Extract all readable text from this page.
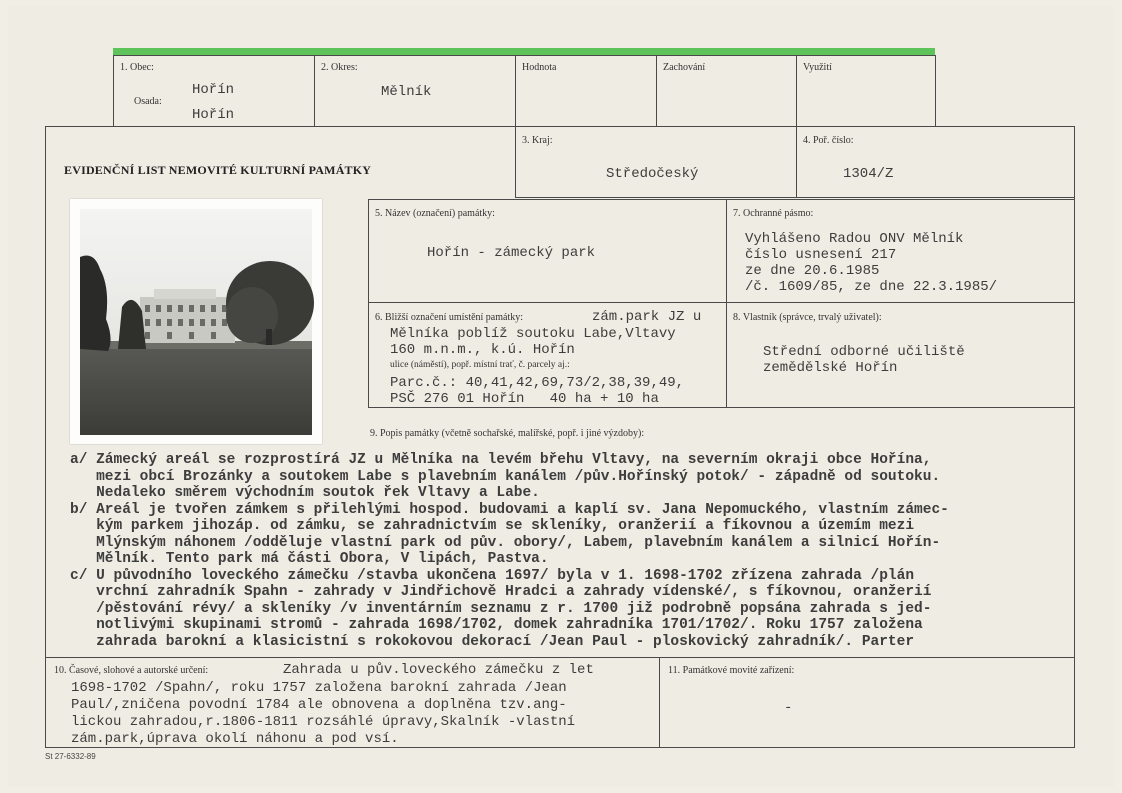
1. Obec:
Hořín
Osada:
Hořín
2. Okres:
Mělník
Hodnota	Zachování	Využití
EVIDENČNÍ LIST NEMOVITÉ KULTURNÍ PAMÁTKY
3. Kraj:
Středočeský
4. Poř. číslo:
1304/Z
5. Název (označení) památky:
Hořín - zámecký park
7. Ochranné pásmo:
Vyhlášeno Radou ONV Mělník
číslo usnesení 217
ze dne 20.6.1985
/č. 1609/85, ze dne 22.3.1985/
6. Bližší označení umístění památky:	zám.park JZ u
Mělníka poblíž soutoku Labe,Vltavy
160 m.n.m., k.ú. Hořín
ulice (náměstí), popř. místní trať, č. parcely aj.:
Parc.č.: 40,41,42,69,73/2,38,39,49,
PSČ 276 01 Hořín   40 ha + 10 ha
8. Vlastník (správce, trvalý uživatel):
Střední odborné učiliště
zemědělské Hořín
9. Popis památky (včetně sochařské, malířské, popř. i jiné výzdoby):
a/ Zámecký areál se rozprostírá JZ u Mělníka na levém břehu Vltavy, na severním okraji obce Hořína,
mezi obcí Brozánky a soutokem Labe s plavebním kanálem /pův.Hořínský potok/ - západně od soutoku.
Nedaleko směrem východním soutok řek Vltavy a Labe.
b/ Areál je tvořen zámkem s přilehlými hospod. budovami a kaplí sv. Jana Nepomuckého, vlastním zámec-
kým parkem jihozáp. od zámku, se zahradnictvím se skleníky, oranžerií a fíkovnou a územím mezi
Mlýnským náhonem /odděluje vlastní park od pův. obory/, Labem, plavebním kanálem a silnicí Hořín-
Mělník. Tento park má části Obora, V lipách, Pastva.
c/ U původního loveckého zámečku /stavba ukončena 1697/ byla v 1. 1698-1702 zřízena zahrada /plán
vrchní zahradník Spahn - zahrady v Jindřichově Hradci a zahrady vídenské/, s fíkovnou, oranžerií
/pěstování révy/ a skleníky /v inventárním seznamu z r. 1700 již podrobně popsána zahrada s jed-
notlivými skupinami stromů - zahrada 1698/1702, domek zahradníka 1701/1702/. Roku 1757 založena
zahrada barokní a klasicistní s rokokovou dekorací /Jean Paul - ploskovický zahradník/. Parter
10. Časové, slohové a autorské určení:	Zahrada u pův.loveckého zámečku z let
1698-1702 /Spahn/, roku 1757 založena barokní zahrada /Jean
Paul/,zničena povodní 1784 ale obnovena a doplněna tzv.ang-
lickou zahradou,r.1806-1811 rozsáhlé úpravy,Skalník -vlastní
zám.park,úprava okolí náhonu a pod vsí.
11. Památkové movité zařízení:
-
St 27-6332-89
